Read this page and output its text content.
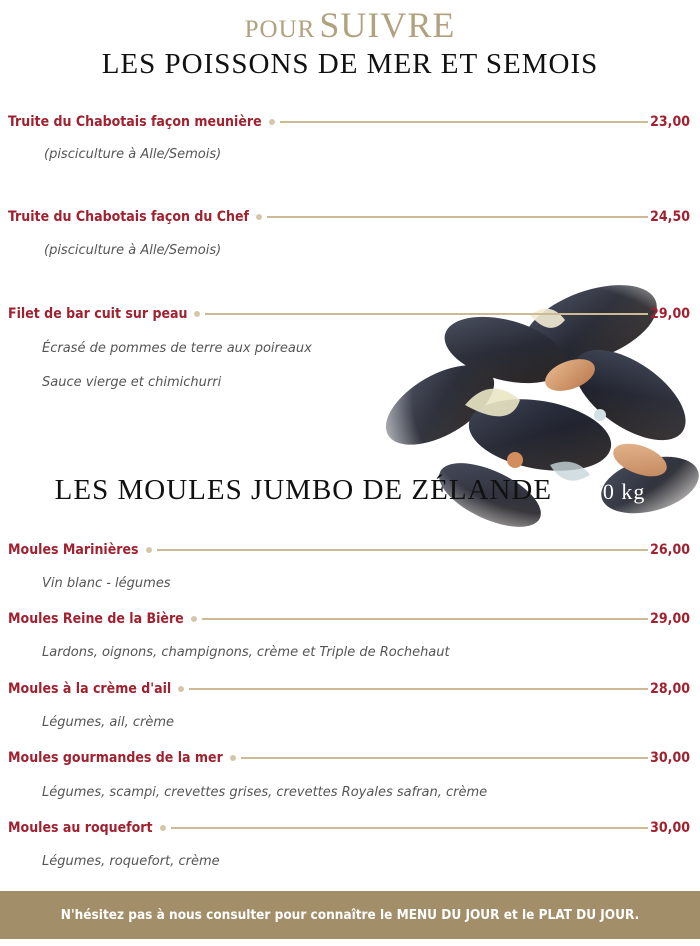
POUR SUIVRE
LES POISSONS DE MER ET SEMOIS
Truite du Chabotais façon meunière	23,00
(pisciculture à Alle/Semois)
Truite du Chabotais façon du Chef	24,50
(pisciculture à Alle/Semois)
Filet de bar cuit sur peau	29,00
Écrasé de pommes de terre aux poireaux
Sauce vierge et chimichurri
LES MOULES JUMBO DE ZÉLANDE 1,300 kg
Moules Marinières	26,00
Vin blanc - légumes
Moules Reine de la Bière	29,00
Lardons, oignons, champignons, crème et Triple de Rochehaut
Moules à la crème d'ail	28,00
Légumes, ail, crème
Moules gourmandes de la mer	30,00
Légumes, scampi, crevettes grises, crevettes Royales safran, crème
Moules au roquefort	30,00
Légumes, roquefort, crème
N'hésitez pas à nous consulter pour connaître le MENU DU JOUR et le PLAT DU JOUR.
